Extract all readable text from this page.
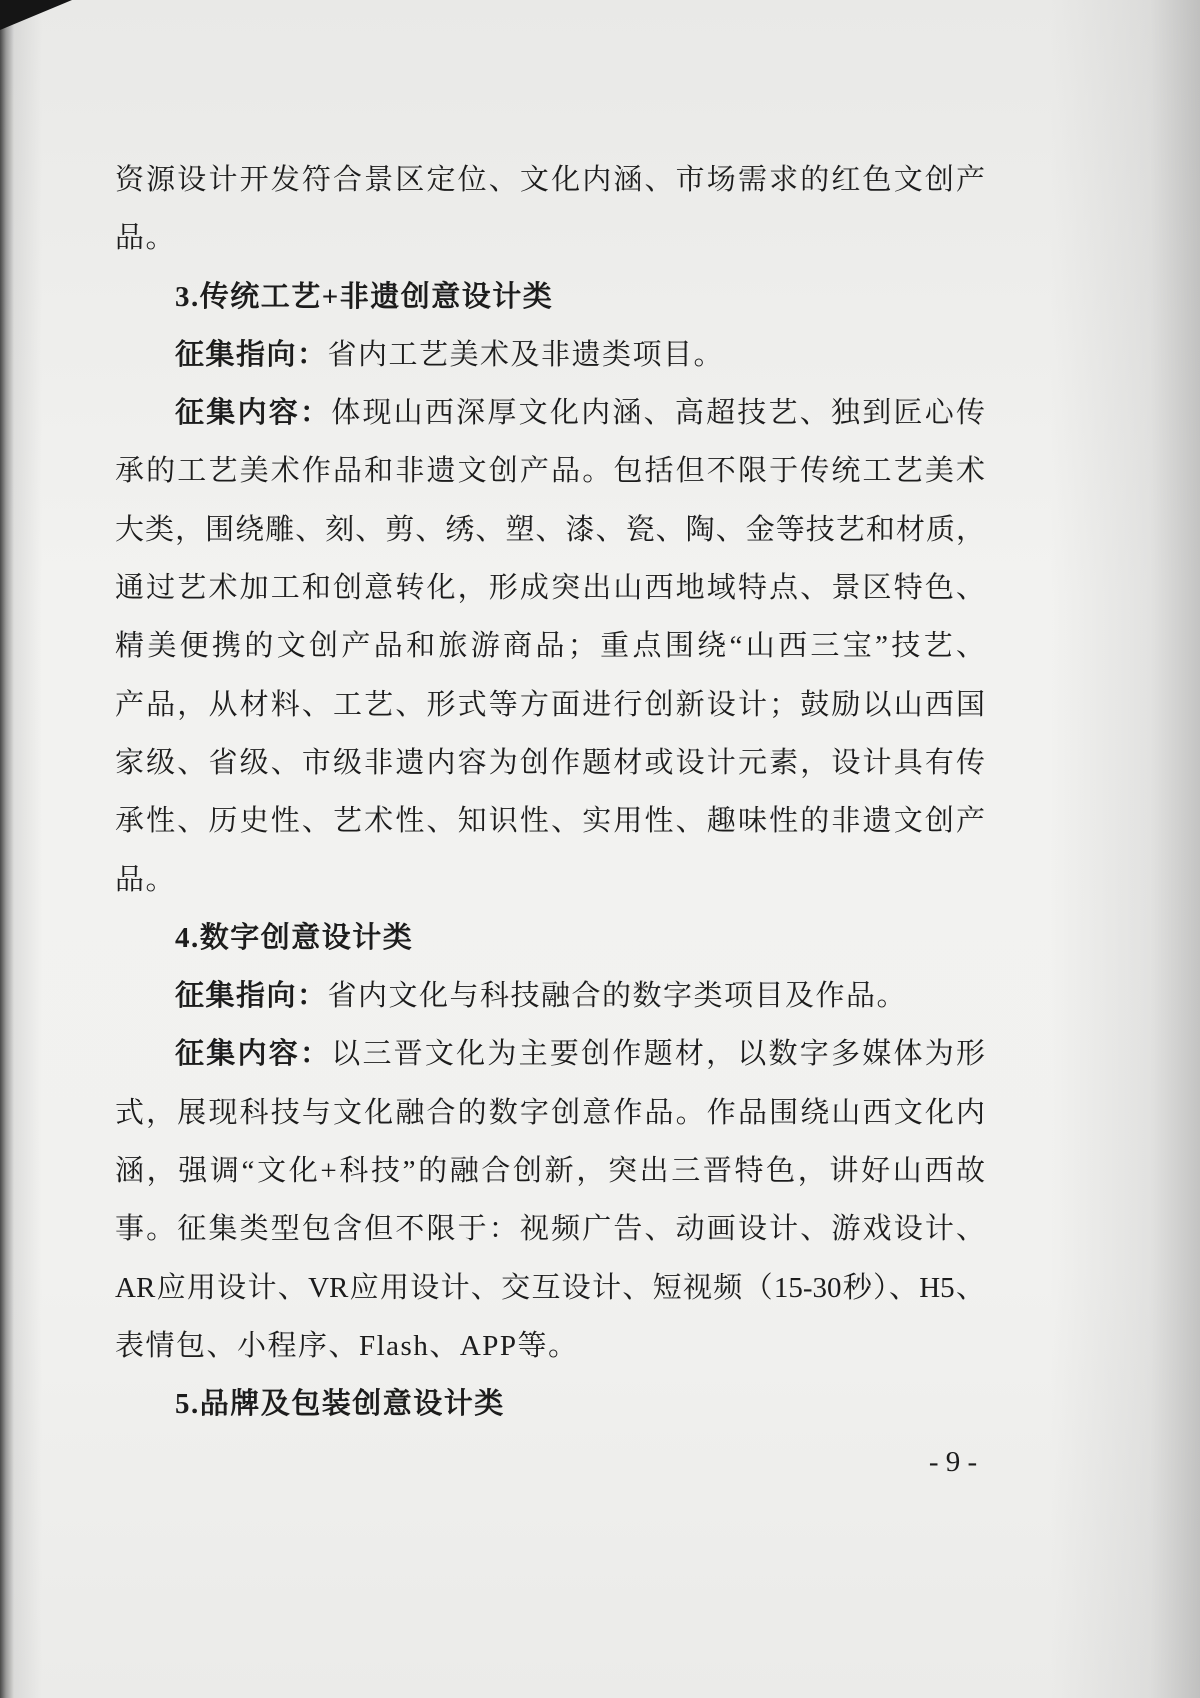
资源设计开发符合景区定位、文化内涵、市场需求的红色文创产
品。
3.传统工艺+非遗创意设计类
征集指向：省内工艺美术及非遗类项目。
征集内容：体现山西深厚文化内涵、高超技艺、独到匠心传
承的工艺美术作品和非遗文创产品。包括但不限于传统工艺美术
大类，围绕雕、刻、剪、绣、塑、漆、瓷、陶、金等技艺和材质，
通过艺术加工和创意转化，形成突出山西地域特点、景区特色、
精美便携的文创产品和旅游商品；重点围绕“山西三宝”技艺、
产品，从材料、工艺、形式等方面进行创新设计；鼓励以山西国
家级、省级、市级非遗内容为创作题材或设计元素，设计具有传
承性、历史性、艺术性、知识性、实用性、趣味性的非遗文创产
品。
4.数字创意设计类
征集指向：省内文化与科技融合的数字类项目及作品。
征集内容：以三晋文化为主要创作题材，以数字多媒体为形
式，展现科技与文化融合的数字创意作品。作品围绕山西文化内
涵，强调“文化+科技”的融合创新，突出三晋特色，讲好山西故
事。征集类型包含但不限于：视频广告、动画设计、游戏设计、
AR应用设计、VR应用设计、交互设计、短视频（15-30秒）、H5、
表情包、小程序、Flash、APP等。
5.品牌及包装创意设计类
- 9 -
